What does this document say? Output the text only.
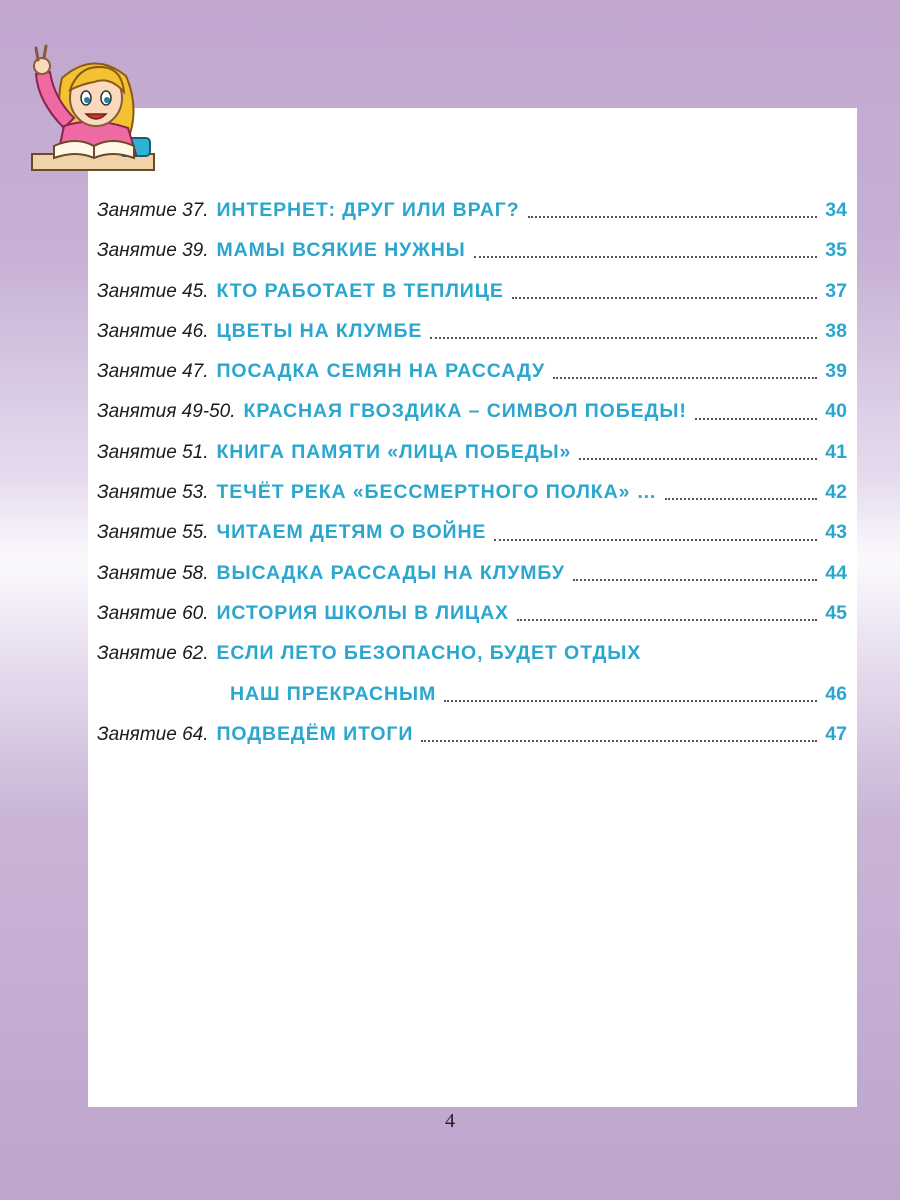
Занятие 37. ИНТЕРНЕТ: ДРУГ ИЛИ ВРАГ?	34
Занятие 39. МАМЫ ВСЯКИЕ НУЖНЫ	35
Занятие 45. КТО РАБОТАЕТ В ТЕПЛИЦЕ	37
Занятие 46. ЦВЕТЫ НА КЛУМБЕ	38
Занятие 47. ПОСАДКА СЕМЯН НА РАССАДУ	39
Занятия 49-50. КРАСНАЯ ГВОЗДИКА – СИМВОЛ ПОБЕДЫ!	40
Занятие 51. КНИГА ПАМЯТИ «ЛИЦА ПОБЕДЫ»	41
Занятие 53. ТЕЧЁТ РЕКА «БЕССМЕРТНОГО ПОЛКА» …	42
Занятие 55. ЧИТАЕМ ДЕТЯМ О ВОЙНЕ	43
Занятие 58. ВЫСАДКА РАССАДЫ НА КЛУМБУ	44
Занятие 60. ИСТОРИЯ ШКОЛЫ В ЛИЦАХ	45
Занятие 62. ЕСЛИ ЛЕТО БЕЗОПАСНО, БУДЕТ ОТДЫХ
НАШ ПРЕКРАСНЫМ	46
Занятие 64. ПОДВЕДЁМ ИТОГИ	47
4
